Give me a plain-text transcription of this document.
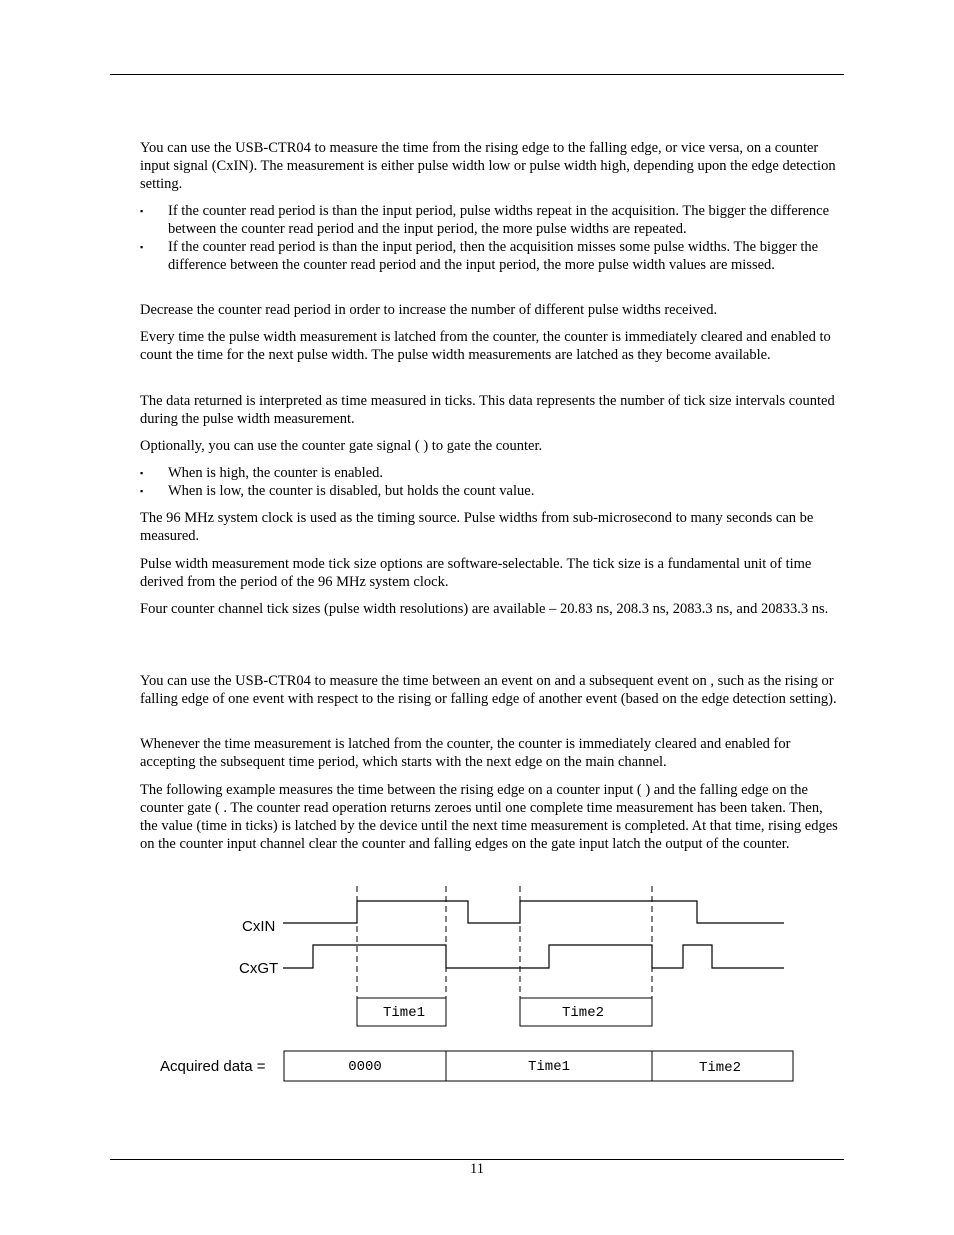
You can use the USB-CTR04 to measure the time from the rising edge to the falling edge, or vice versa, on a counter input signal (CxIN). The measurement is either pulse width low or pulse width high, depending upon the edge detection setting.

▪ If the counter read period is than the input period, pulse widths repeat in the acquisition. The bigger the difference between the counter read period and the input period, the more pulse widths are repeated.
▪ If the counter read period is than the input period, then the acquisition misses some pulse widths. The bigger the difference between the counter read period and the input period, the more pulse width values are missed.

Decrease the counter read period in order to increase the number of different pulse widths received.

Every time the pulse width measurement is latched from the counter, the counter is immediately cleared and enabled to count the time for the next pulse width. The pulse width measurements are latched as they become available.

The data returned is interpreted as time measured in ticks. This data represents the number of tick size intervals counted during the pulse width measurement.

Optionally, you can use the counter gate signal ( ) to gate the counter.

▪ When is high, the counter is enabled.
▪ When is low, the counter is disabled, but holds the count value.

The 96 MHz system clock is used as the timing source. Pulse widths from sub-microsecond to many seconds can be measured.

Pulse width measurement mode tick size options are software-selectable. The tick size is a fundamental unit of time derived from the period of the 96 MHz system clock.

Four counter channel tick sizes (pulse width resolutions) are available – 20.83 ns, 208.3 ns, 2083.3 ns, and 20833.3 ns.

You can use the USB-CTR04 to measure the time between an event on and a subsequent event on , such as the rising or falling edge of one event with respect to the rising or falling edge of another event (based on the edge detection setting).

Whenever the time measurement is latched from the counter, the counter is immediately cleared and enabled for accepting the subsequent time period, which starts with the next edge on the main channel.

The following example measures the time between the rising edge on a counter input ( ) and the falling edge on the counter gate ( . The counter read operation returns zeroes until one complete time measurement has been taken. Then, the value (time in ticks) is latched by the device until the next time measurement is completed. At that time, rising edges on the counter input channel clear the counter and falling edges on the gate input latch the output of the counter.

CxIN
CxGT
Time1	Time2
Acquired data =	0000	Time1	Time2
11
